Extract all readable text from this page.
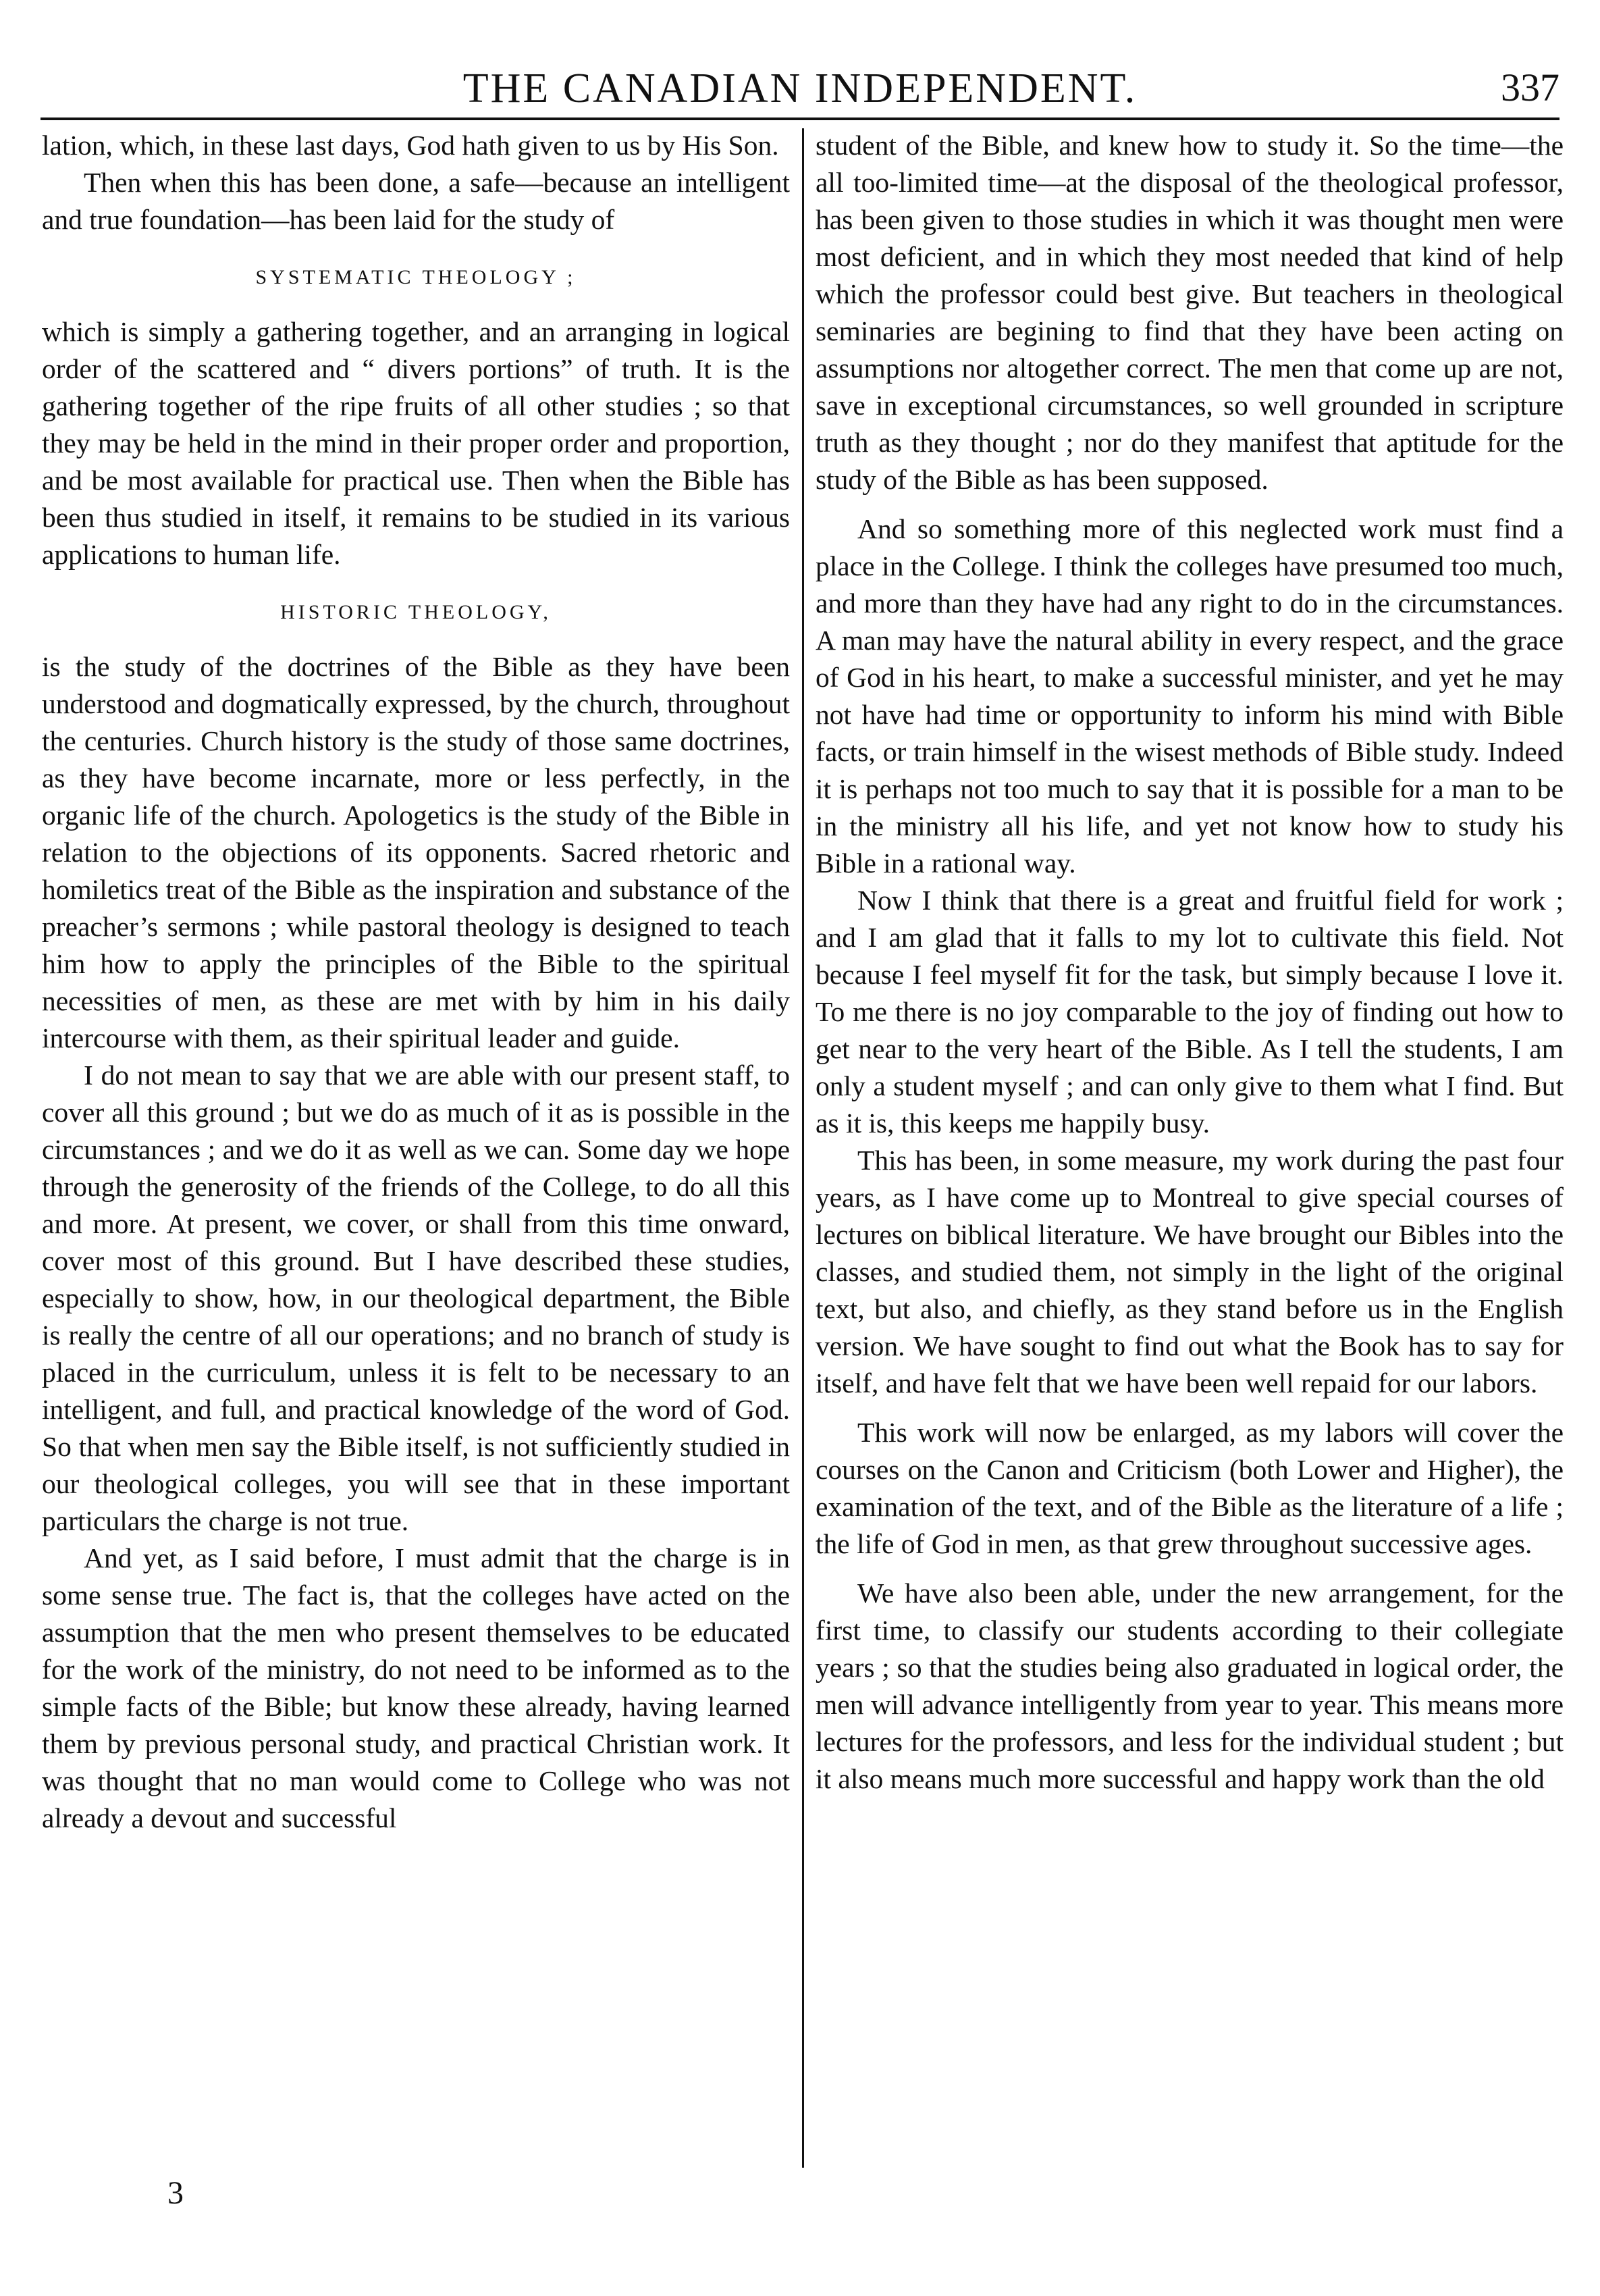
THE CANADIAN INDEPENDENT.	337

lation, which, in these last days, God hath given to us by His Son.

Then when this has been done, a safe—because an intelligent and true foundation—has been laid for the study of

SYSTEMATIC THEOLOGY ;

which is simply a gathering together, and an arranging in logical order of the scattered and “ divers portions” of truth. It is the gathering together of the ripe fruits of all other studies ; so that they may be held in the mind in their proper order and proportion, and be most available for practical use. Then when the Bible has been thus studied in itself, it remains to be studied in its various applications to human life.

HISTORIC THEOLOGY,

is the study of the doctrines of the Bible as they have been understood and dogmatically expressed, by the church, throughout the centuries. Church history is the study of those same doctrines, as they have become incarnate, more or less perfectly, in the organic life of the church. Apologetics is the study of the Bible in relation to the objections of its opponents. Sacred rhetoric and homiletics treat of the Bible as the inspiration and substance of the preacher’s sermons ; while pastoral theology is designed to teach him how to apply the principles of the Bible to the spiritual necessities of men, as these are met with by him in his daily intercourse with them, as their spiritual leader and guide.

I do not mean to say that we are able with our present staff, to cover all this ground ; but we do as much of it as is possible in the circumstances ; and we do it as well as we can. Some day we hope through the generosity of the friends of the College, to do all this and more. At present, we cover, or shall from this time onward, cover most of this ground. But I have described these studies, especially to show, how, in our theological department, the Bible is really the centre of all our operations; and no branch of study is placed in the curriculum, unless it is felt to be necessary to an intelligent, and full, and practical knowledge of the word of God. So that when men say the Bible itself, is not sufficiently studied in our theological colleges, you will see that in these important particulars the charge is not true.

And yet, as I said before, I must admit that the charge is in some sense true. The fact is, that the colleges have acted on the assumption that the men who present themselves to be educated for the work of the ministry, do not need to be informed as to the simple facts of the Bible; but know these already, having learned them by previous personal study, and practical Christian work. It was thought that no man would come to College who was not already a devout and successful

student of the Bible, and knew how to study it. So the time—the all too-limited time—at the disposal of the theological professor, has been given to those studies in which it was thought men were most deficient, and in which they most needed that kind of help which the professor could best give. But teachers in theological seminaries are begining to find that they have been acting on assumptions nor altogether correct. The men that come up are not, save in exceptional circumstances, so well grounded in scripture truth as they thought ; nor do they manifest that aptitude for the study of the Bible as has been supposed.

And so something more of this neglected work must find a place in the College. I think the colleges have presumed too much, and more than they have had any right to do in the circumstances. A man may have the natural ability in every respect, and the grace of God in his heart, to make a successful minister, and yet he may not have had time or opportunity to inform his mind with Bible facts, or train himself in the wisest methods of Bible study. Indeed it is perhaps not too much to say that it is possible for a man to be in the ministry all his life, and yet not know how to study his Bible in a rational way.

Now I think that there is a great and fruitful field for work ; and I am glad that it falls to my lot to cultivate this field. Not because I feel myself fit for the task, but simply because I love it. To me there is no joy comparable to the joy of finding out how to get near to the very heart of the Bible. As I tell the students, I am only a student myself ; and can only give to them what I find. But as it is, this keeps me happily busy.

This has been, in some measure, my work during the past four years, as I have come up to Montreal to give special courses of lectures on biblical literature. We have brought our Bibles into the classes, and studied them, not simply in the light of the original text, but also, and chiefly, as they stand before us in the English version. We have sought to find out what the Book has to say for itself, and have felt that we have been well repaid for our labors.

This work will now be enlarged, as my labors will cover the courses on the Canon and Criticism (both Lower and Higher), the examination of the text, and of the Bible as the literature of a life ; the life of God in men, as that grew throughout successive ages.

We have also been able, under the new arrangement, for the first time, to classify our students according to their collegiate years ; so that the studies being also graduated in logical order, the men will advance intelligently from year to year. This means more lectures for the professors, and less for the individual student ; but it also means much more successful and happy work than the old

3
